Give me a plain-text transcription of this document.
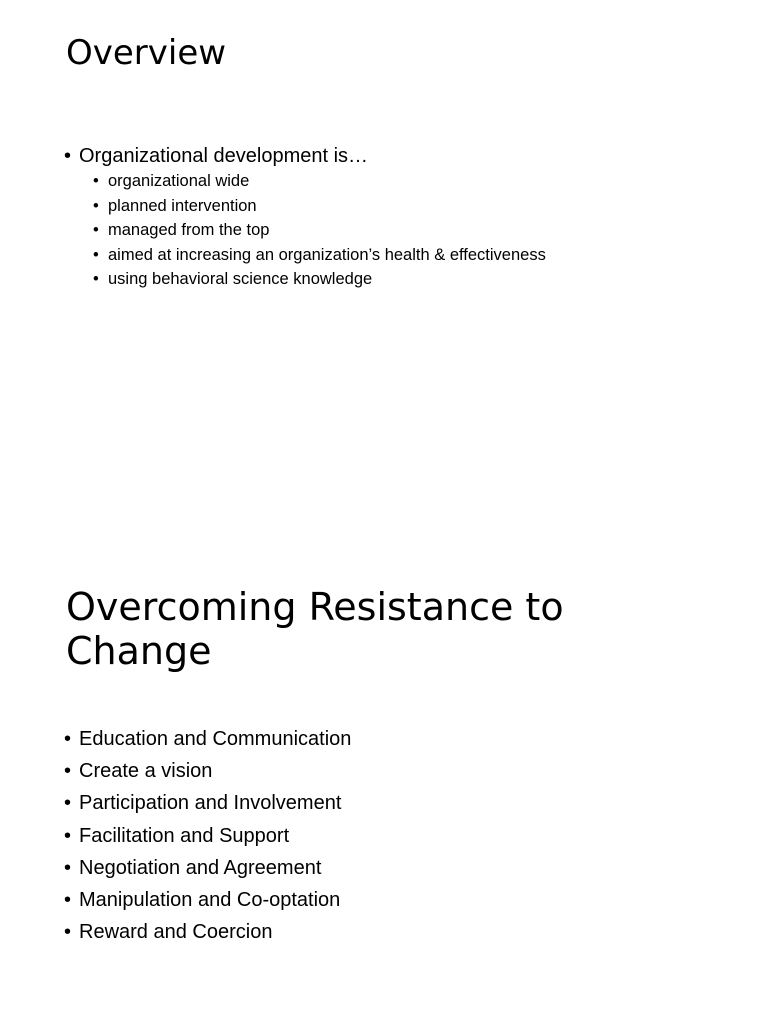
Overview
• Organizational development is…
• organizational wide
• planned intervention
• managed from the top
• aimed at increasing an organization’s health & effectiveness
• using behavioral science knowledge
Overcoming Resistance to Change
• Education and Communication
• Create a vision
• Participation and Involvement
• Facilitation and Support
• Negotiation and Agreement
• Manipulation and Co-optation
• Reward and Coercion
